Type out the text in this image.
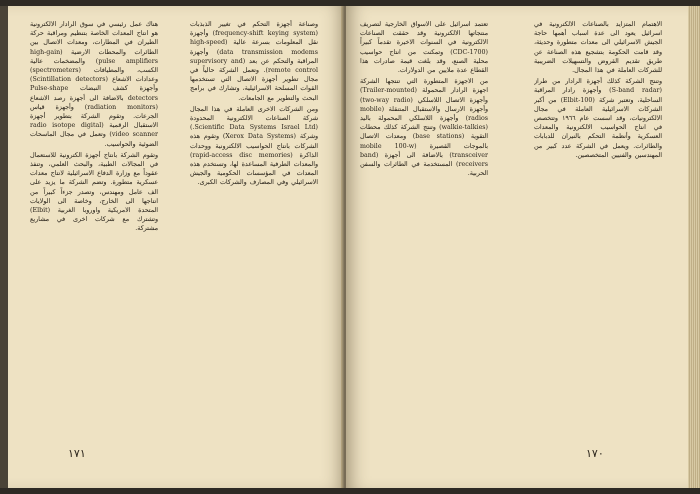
هناك عمل رئيسي في سوق الرادار الالكترونية هو انتاج المعدات الخاصة بتنظيم ومراقبة حركة الطيران في المطارات، ومعدات الاتصال بين الطائرات والمحطات الارضية (high-gain pulse amplifiers) والمضخمات عالية الكسب، والمطيافات (spectrometers) وعدادات الاشعاع (Scintillation detectors) وأجهزة كشف النبضات Pulse-shape detectors بالاضافة الى أجهزة رصد الاشعاع (radiation monitors) وأجهزة قياس الجرعات. وتقوم الشركة بتطوير أجهزة الاستقبال الرقمية (radio isotope digital video scanner) وتعمل في مجال الماسحات الضوئية والحواسيب.

وتقوم الشركة بانتاج أجهزة الكترونية للاستعمال في المجالات الطبية، والبحث العلمي، وتنفذ عقوداً مع وزارة الدفاع الاسرائيلية لانتاج معدات عسكرية متطورة. وتضم الشركة ما يزيد على الف عامل ومهندس، وتصدر جزءاً كبيراً من انتاجها الى الخارج، وخاصة الى الولايات المتحدة الامريكية واوروبا الغربية (Elbit) وتشترك مع شركات اخرى في مشاريع مشتركة.

وصناعة أجهزة التحكم في تغيير الذبذبات (frequency-shift keying system) وأجهزة نقل المعلومات بسرعة عالية (high-speed data transmission modems) وأجهزة المراقبة والتحكم عن بعد (supervisory and remote control). وتعمل الشركة حالياً في مجال تطوير أجهزة الاتصال التي تستخدمها القوات المسلحة الاسرائيلية، وتشارك في برامج البحث والتطوير مع الجامعات.

ومن الشركات الاخرى العاملة في هذا المجال شركة الصناعات الالكترونية المحدودة (Scientific Data Systems Israel Ltd.) وشركة (Xerox Data Systems) وتقوم هذه الشركات بانتاج الحواسيب الالكترونية ووحدات الذاكرة (rapid-access disc memories) والمعدات الطرفية المساعدة لها، وتستخدم هذه المعدات في المؤسسات الحكومية والجيش الاسرائيلي وفي المصارف والشركات الكبرى.

١٧١

تعتمد اسرائيل على الاسواق الخارجية لتصريف منتجاتها الالكترونية وقد حققت الصناعات الالكترونية في السنوات الاخيرة تقدماً كبيراً (CDC-1700) وتمكنت من انتاج حواسيب محلية الصنع، وقد بلغت قيمة صادرات هذا القطاع عدة ملايين من الدولارات.

من الاجهزة المتطورة التي تنتجها الشركة اجهزة الرادار المحمولة (Trailer-mounted) وأجهزة الاتصال اللاسلكي (two-way radio) وأجهزة الارسال والاستقبال المتنقلة (mobile radios) وأجهزة اللاسلكي المحمولة باليد (walkie-talkies) وتنتج الشركة كذلك محطات التقوية (base stations) ومعدات الاتصال بالموجات القصيرة (mobile 100-w transceiver) بالاضافة الى أجهزة (band receivers) المستخدمة في الطائرات والسفن الحربية.

الاهتمام المتزايد بالصناعات الالكترونية في اسرائيل يعود الى عدة اسباب أهمها حاجة الجيش الاسرائيلي الى معدات متطورة وحديثة، وقد قامت الحكومة بتشجيع هذه الصناعة عن طريق تقديم القروض والتسهيلات الضريبية للشركات العاملة في هذا المجال.

وتنتج الشركة كذلك أجهزة الرادار من طراز (S-band radar) وأجهزة رادار المراقبة الساحلية، وتعتبر شركة (Elbit-100) من أكبر الشركات الاسرائيلية العاملة في مجال الالكترونيات، وقد اسست عام ١٩٦٦ وتتخصص في انتاج الحواسيب الالكترونية والمعدات العسكرية وأنظمة التحكم بالنيران للدبابات والطائرات. ويعمل في الشركة عدد كبير من المهندسين والفنيين المتخصصين.

١٧٠
